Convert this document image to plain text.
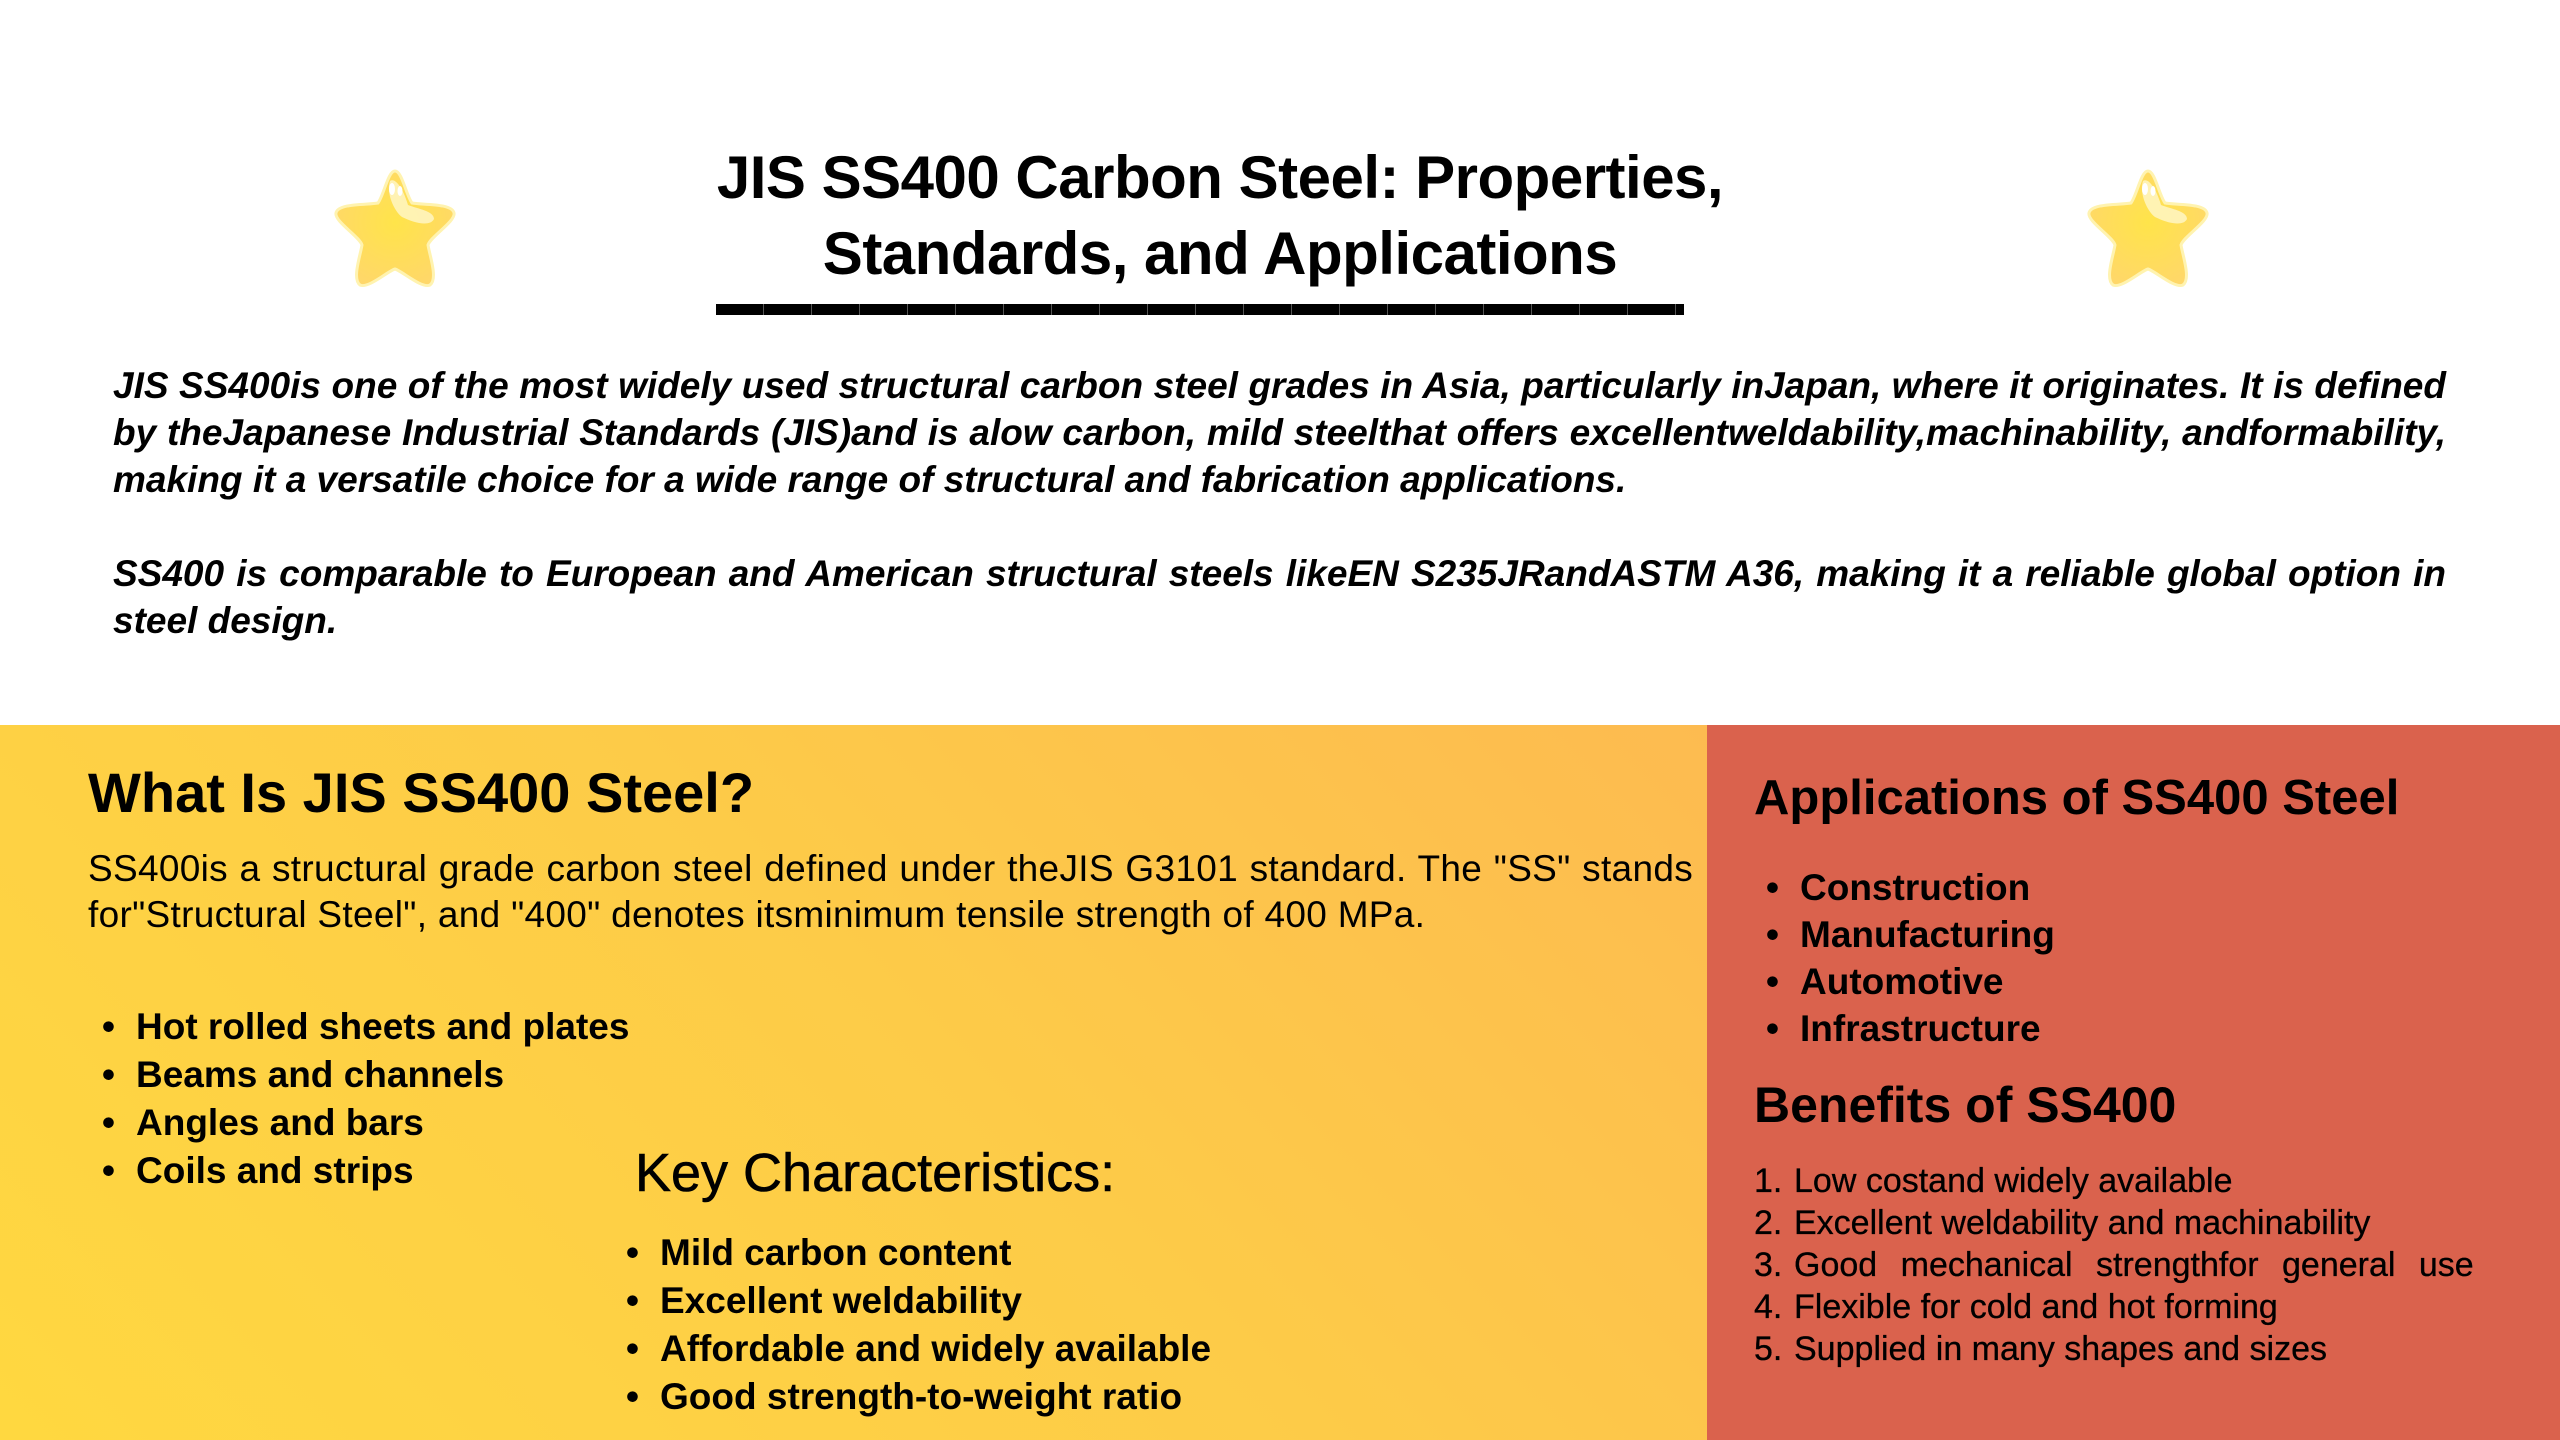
JIS SS400 Carbon Steel: Properties,
Standards, and Applications

JIS SS400is one of the most widely used structural carbon steel grades in Asia, particularly inJapan, where it originates. It is defined by theJapanese Industrial Standards (JIS)and is alow carbon, mild steelthat offers excellentweldability,machinability, andformability, making it a versatile choice for a wide range of structural and fabrication applications.

SS400 is comparable to European and American structural steels likeEN S235JRandASTM A36, making it a reliable global option in steel design.

What Is JIS SS400 Steel?
SS400is a structural grade carbon steel defined under theJIS G3101 standard. The "SS" stands for"Structural Steel", and "400" denotes itsminimum tensile strength of 400 MPa.
• Hot rolled sheets and plates
• Beams and channels
• Angles and bars
• Coils and strips	Key Characteristics:
• Mild carbon content
• Excellent weldability
• Affordable and widely available
• Good strength-to-weight ratio
Applications of SS400 Steel
• Construction
• Manufacturing
• Automotive
• Infrastructure
Benefits of SS400
1. Low costand widely available
2. Excellent weldability and machinability
3. Good mechanical strengthfor general use
4. Flexible for cold and hot forming
5. Supplied in many shapes and sizes
